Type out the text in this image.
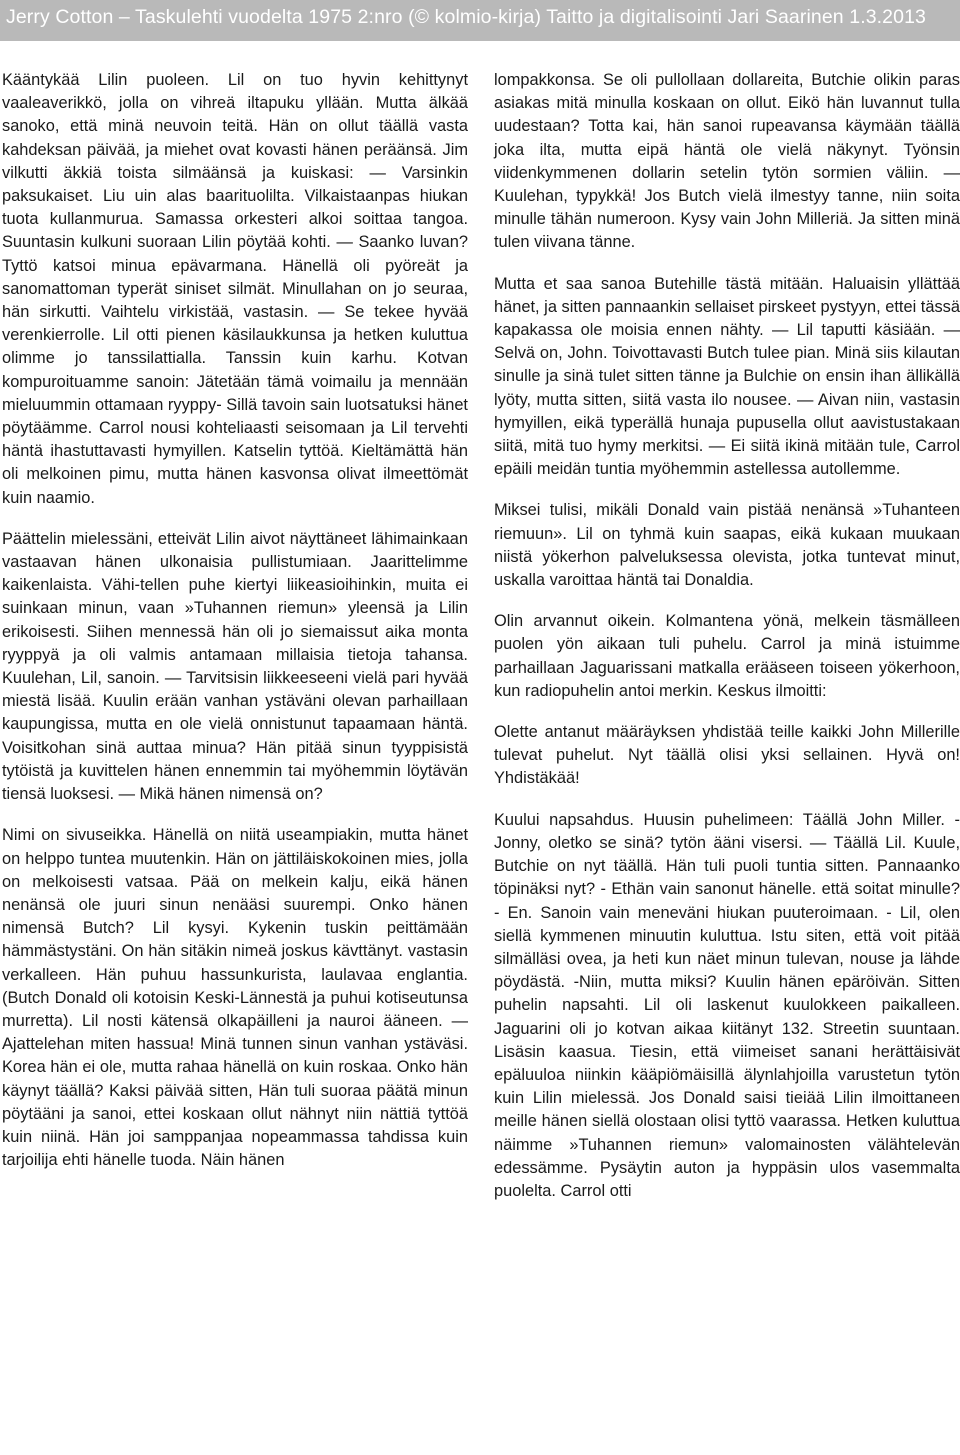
Jerry Cotton – Taskulehti vuodelta 1975 2:nro (© kolmio-kirja) Taitto ja digitalisointi Jari Saarinen 1.3.2013

Kääntykää Lilin puoleen. Lil on tuo hyvin kehittynyt vaaleaverikkö, jolla on vihreä iltapuku yllään. Mutta älkää sanoko, että minä neuvoin teitä. Hän on ollut täällä vasta kahdeksan päivää, ja miehet ovat kovasti hänen peräänsä. Jim vilkutti äkkiä toista silmäänsä ja kuiskasi: — Varsinkin paksukaiset. Liu uin alas baarituolilta. Vilkaistaanpas hiukan tuota kullanmurua. Samassa orkesteri alkoi soittaa tangoa. Suuntasin kulkuni suoraan Lilin pöytää kohti. — Saanko luvan? Tyttö katsoi minua epävarmana. Hänellä oli pyöreät ja sanomattoman typerät siniset silmät. Minullahan on jo seuraa, hän sirkutti. Vaihtelu virkistää, vastasin. — Se tekee hyvää verenkierrolle. Lil otti pienen käsilaukkunsa ja hetken kuluttua olimme jo tanssilattialla. Tanssin kuin karhu. Kotvan kompuroituamme sanoin: Jätetään tämä voimailu ja mennään mieluummin ottamaan ryyppy- Sillä tavoin sain luotsatuksi hänet pöytäämme. Carrol nousi kohteliaasti seisomaan ja Lil tervehti häntä ihastuttavasti hymyillen. Katselin tyttöä. Kieltämättä hän oli melkoinen pimu, mutta hänen kasvonsa olivat ilmeettömät kuin naamio.

Päättelin mielessäni, etteivät Lilin aivot näyttäneet lähimainkaan vastaavan hänen ulkonaisia pullistumiaan. Jaarittelimme kaikenlaista. Vähi-tellen puhe kiertyi liikeasioihinkin, muita ei suinkaan minun, vaan »Tuhannen riemun» yleensä ja Lilin erikoisesti. Siihen mennessä hän oli jo siemaissut aika monta ryyppyä ja oli valmis antamaan millaisia tietoja tahansa. Kuulehan, Lil, sanoin. — Tarvitsisin liikkeeseeni vielä pari hyvää miestä lisää. Kuulin erään vanhan ystäväni olevan parhaillaan kaupungissa, mutta en ole vielä onnistunut tapaamaan häntä. Voisitkohan sinä auttaa minua? Hän pitää sinun tyyppisistä tytöistä ja kuvittelen hänen ennemmin tai myöhemmin löytävän tiensä luoksesi. — Mikä hänen nimensä on?

Nimi on sivuseikka. Hänellä on niitä useampiakin, mutta hänet on helppo tuntea muutenkin. Hän on jättiläiskokoinen mies, jolla on melkoisesti vatsaa. Pää on melkein kalju, eikä hänen nenänsä ole juuri sinun nenääsi suurempi. Onko hänen nimensä Butch? Lil kysyi. Kykenin tuskin peittämään hämmästystäni. On hän sitäkin nimeä joskus kävttänyt. vastasin verkalleen. Hän puhuu hassunkurista, laulavaa englantia. (Butch Donald oli kotoisin Keski-Lännestä ja puhui kotiseutunsa murretta). Lil nosti kätensä olkapäilleni ja nauroi ääneen. — Ajattelehan miten hassua! Minä tunnen sinun vanhan ystäväsi. Korea hän ei ole, mutta rahaa hänellä on kuin roskaa. Onko hän käynyt täällä? Kaksi päivää sitten, Hän tuli suoraa päätä minun pöytääni ja sanoi, ettei koskaan ollut nähnyt niin nättiä tyttöä kuin niinä. Hän joi samppanjaa nopeammassa tahdissa kuin tarjoilija ehti hänelle tuoda. Näin hänen

lompakkonsa. Se oli pullollaan dollareita, Butchie olikin paras asiakas mitä minulla koskaan on ollut. Eikö hän luvannut tulla uudestaan? Totta kai, hän sanoi rupeavansa käymään täällä joka ilta, mutta eipä häntä ole vielä näkynyt. Työnsin viidenkymmenen dollarin setelin tytön sormien väliin. — Kuulehan, typykkä! Jos Butch vielä ilmestyy tanne, niin soita minulle tähän numeroon. Kysy vain John Milleriä. Ja sitten minä tulen viivana tänne.

Mutta et saa sanoa Butehille tästä mitään. Haluaisin yllättää hänet, ja sitten pannaankin sellaiset pirskeet pystyyn, ettei tässä kapakassa ole moisia ennen nähty. — Lil taputti käsiään. — Selvä on, John. Toivottavasti Butch tulee pian. Minä siis kilautan sinulle ja sinä tulet sitten tänne ja Bulchie on ensin ihan ällikällä lyöty, mutta sitten, siitä vasta ilo nousee. — Aivan niin, vastasin hymyillen, eikä typerällä hunaja pupusella ollut aavistustakaan siitä, mitä tuo hymy merkitsi. — Ei siitä ikinä mitään tule, Carrol epäili meidän tuntia myöhemmin astellessa autollemme.

Miksei tulisi, mikäli Donald vain pistää nenänsä »Tuhanteen riemuun». Lil on tyhmä kuin saapas, eikä kukaan muukaan niistä yökerhon palveluksessa olevista, jotka tuntevat minut, uskalla varoittaa häntä tai Donaldia.

Olin arvannut oikein. Kolmantena yönä, melkein täsmälleen puolen yön aikaan tuli puhelu. Carrol ja minä istuimme parhaillaan Jaguarissani matkalla erääseen toiseen yökerhoon, kun radiopuhelin antoi merkin. Keskus ilmoitti:

Olette antanut määräyksen yhdistää teille kaikki John Millerille tulevat puhelut. Nyt täällä olisi yksi sellainen. Hyvä on! Yhdistäkää!

Kuului napsahdus. Huusin puhelimeen: Täällä John Miller. - Jonny, oletko se sinä? tytön ääni visersi. — Täällä Lil. Kuule, Butchie on nyt täällä. Hän tuli puoli tuntia sitten. Pannaanko töpinäksi nyt? - Ethän vain sanonut hänelle. että soitat minulle? - En. Sanoin vain meneväni hiukan puuteroimaan. - Lil, olen siellä kymmenen minuutin kuluttua. Istu siten, että voit pitää silmälläsi ovea, ja heti kun näet minun tulevan, nouse ja lähde pöydästä. -Niin, mutta miksi? Kuulin hänen epäröivän. Sitten puhelin napsahti. Lil oli laskenut kuulokkeen paikalleen. Jaguarini oli jo kotvan aikaa kiitänyt 132. Streetin suuntaan. Lisäsin kaasua. Tiesin, että viimeiset sanani herättäisivät epäluuloa niinkin kääpiömäisillä älynlahjoilla varustetun tytön kuin Lilin mielessä. Jos Donald saisi tieiää Lilin ilmoittaneen meille hänen siellä olostaan olisi tyttö vaarassa. Hetken kuluttua näimme »Tuhannen riemun» valomainosten välähtelevän edessämme. Pysäytin auton ja hyppäsin ulos vasemmalta puolelta. Carrol otti
